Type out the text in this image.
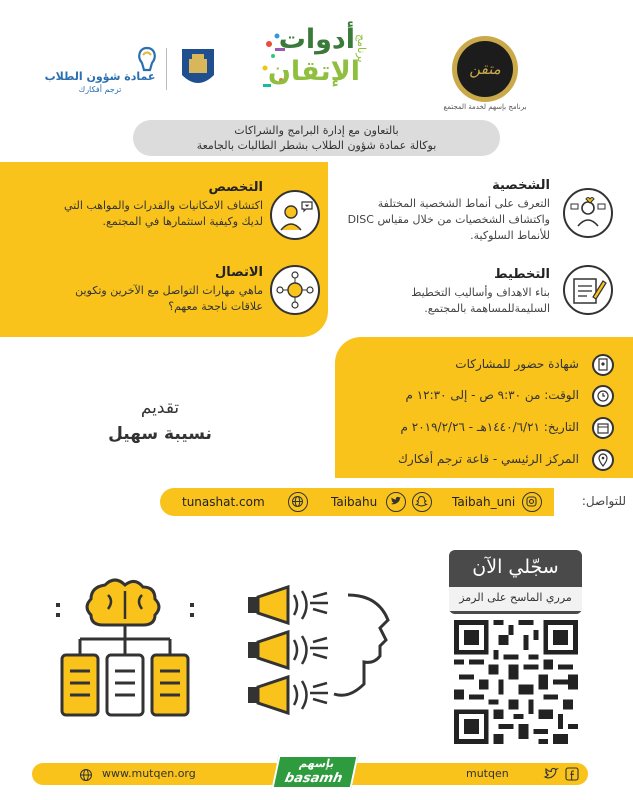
متقن
برنامج بإسهم لخدمة المجتمع
برنامج
أدوات
الإتقان
عمادة شؤون الطلاب
ترجم أفكارك
بالتعاون مع إدارة البرامج والشراكات
بوكالة عمادة شؤون الطلاب بشطر الطالبات بالجامعة
الشخصية
التعرف على أنماط الشخصية المختلفة واكتشاف الشخصيات من خلال مقياس DISC للأنماط السلوكية.
التخصص
اكتشاف الامكانيات والقدرات والمواهب التي لديك وكيفية استثمارها في المجتمع.
التخطيط
بناء الاهداف وأساليب التخطيط السليمةللمساهمة بالمجتمع.
الاتصال
ماهي مهارات التواصل مع الآخرين وتكوين علاقات ناجحة معهم؟
شهادة حضور للمشاركات
الوقت: من ٩:٣٠ ص - إلى ١٢:٣٠ م
التاريخ: ١٤٤٠/٦/٢١هـ - ٢٠١٩/٢/٢٦ م
المركز الرئيسي - قاعة ترجم أفكارك
تقديم
نسيبة سهيل
للتواصل:
Taibah_uni
Taibahu
tunashat.com
سجّلي الآن
مرري الماسح على الرمز
www.mutqen.org
بإسهم
basamh	mutqen
